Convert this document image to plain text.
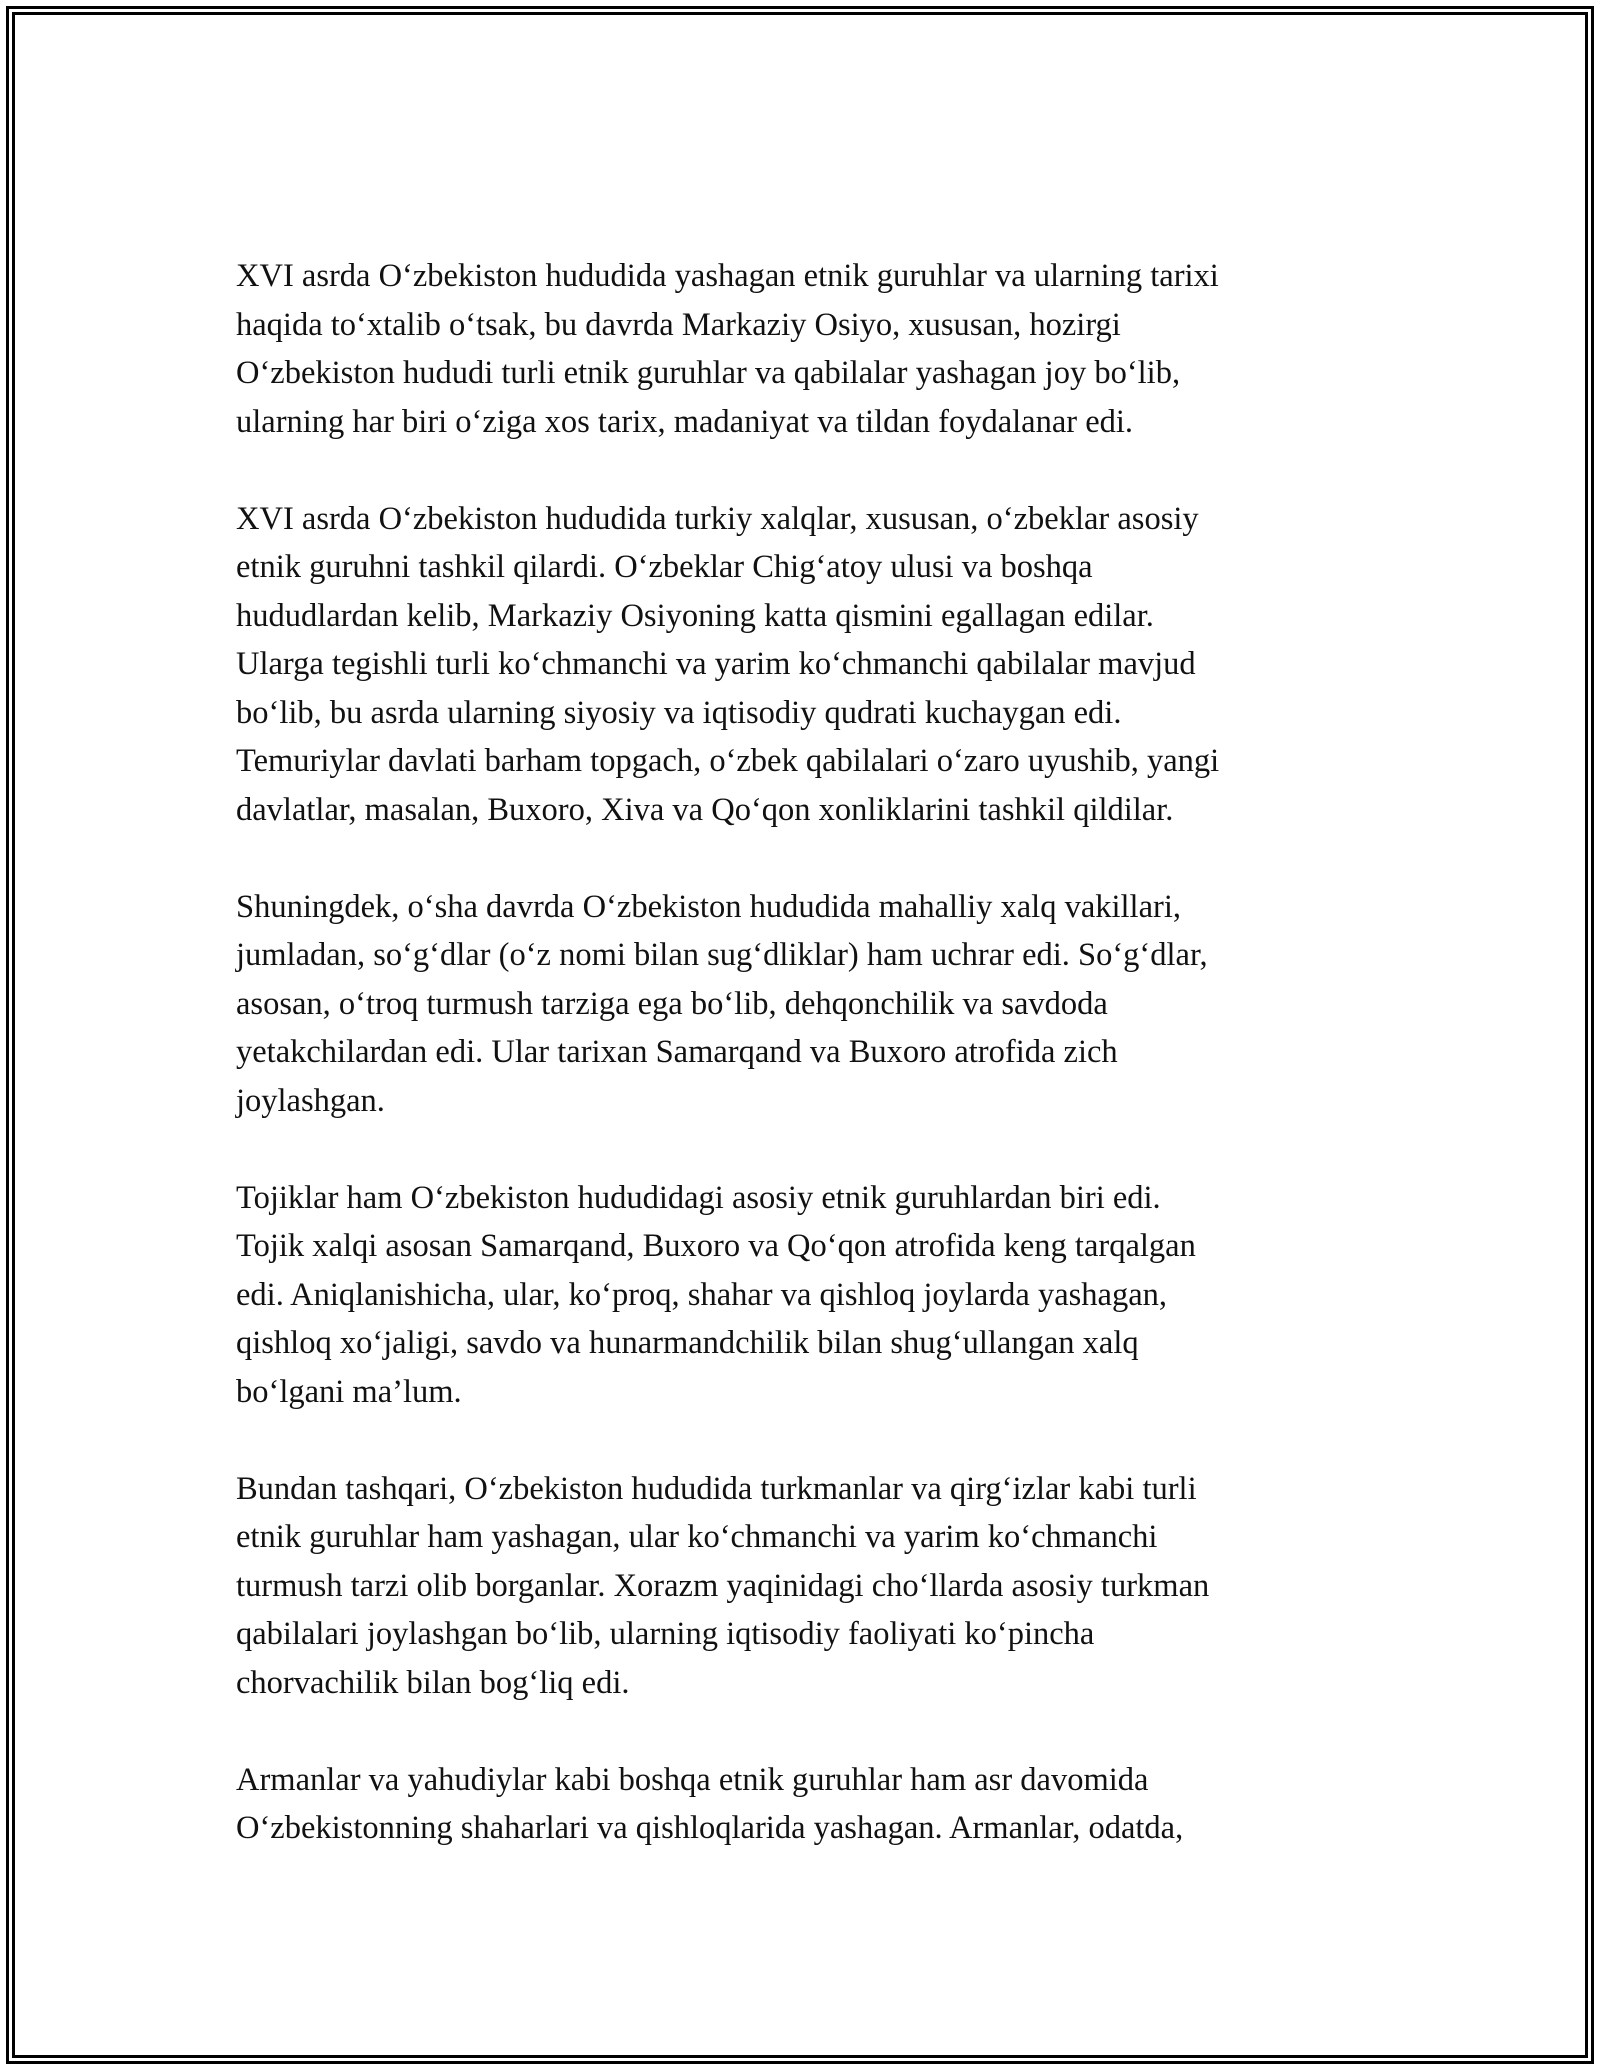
XVI asrda O‘zbekiston hududida yashagan etnik guruhlar va ularning tarixi
haqida to‘xtalib o‘tsak, bu davrda Markaziy Osiyo, xususan, hozirgi
O‘zbekiston hududi turli etnik guruhlar va qabilalar yashagan joy bo‘lib,
ularning har biri o‘ziga xos tarix, madaniyat va tildan foydalanar edi.

XVI asrda O‘zbekiston hududida turkiy xalqlar, xususan, o‘zbeklar asosiy
etnik guruhni tashkil qilardi. O‘zbeklar Chig‘atoy ulusi va boshqa
hududlardan kelib, Markaziy Osiyoning katta qismini egallagan edilar.
Ularga tegishli turli ko‘chmanchi va yarim ko‘chmanchi qabilalar mavjud
bo‘lib, bu asrda ularning siyosiy va iqtisodiy qudrati kuchaygan edi.
Temuriylar davlati barham topgach, o‘zbek qabilalari o‘zaro uyushib, yangi
davlatlar, masalan, Buxoro, Xiva va Qo‘qon xonliklarini tashkil qildilar.

Shuningdek, o‘sha davrda O‘zbekiston hududida mahalliy xalq vakillari,
jumladan, so‘g‘dlar (o‘z nomi bilan sug‘dliklar) ham uchrar edi. So‘g‘dlar,
asosan, o‘troq turmush tarziga ega bo‘lib, dehqonchilik va savdoda
yetakchilardan edi. Ular tarixan Samarqand va Buxoro atrofida zich
joylashgan.

Tojiklar ham O‘zbekiston hududidagi asosiy etnik guruhlardan biri edi.
Tojik xalqi asosan Samarqand, Buxoro va Qo‘qon atrofida keng tarqalgan
edi. Aniqlanishicha, ular, ko‘proq, shahar va qishloq joylarda yashagan,
qishloq xo‘jaligi, savdo va hunarmandchilik bilan shug‘ullangan xalq
bo‘lgani ma’lum.

Bundan tashqari, O‘zbekiston hududida turkmanlar va qirg‘izlar kabi turli
etnik guruhlar ham yashagan, ular ko‘chmanchi va yarim ko‘chmanchi
turmush tarzi olib borganlar. Xorazm yaqinidagi cho‘llarda asosiy turkman
qabilalari joylashgan bo‘lib, ularning iqtisodiy faoliyati ko‘pincha
chorvachilik bilan bog‘liq edi.

Armanlar va yahudiylar kabi boshqa etnik guruhlar ham asr davomida
O‘zbekistonning shaharlari va qishloqlarida yashagan. Armanlar, odatda,
